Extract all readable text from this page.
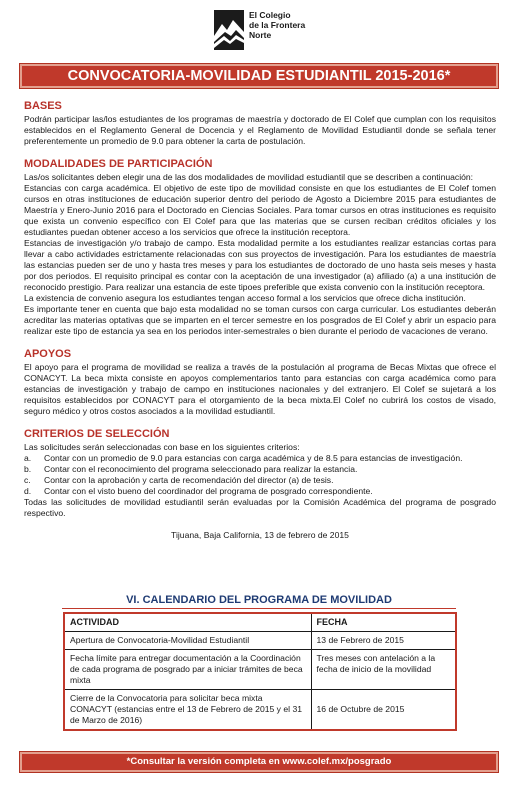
El Colegio
de la Frontera
Norte
CONVOCATORIA-MOVILIDAD ESTUDIANTIL 2015-2016*
BASES

Podrán participar las/los estudiantes de los programas de maestría y doctorado de El Colef que cumplan con los requisitos establecidos en el Reglamento General de Docencia y el Reglamento de Movilidad Estudiantil donde se señala tener preferentemente un promedio de 9.0 para obtener la carta de postulación.

MODALIDADES DE PARTICIPACIÓN

Las/os solicitantes deben elegir una de las dos modalidades de movilidad estudiantil que se describen a continuación:

Estancias con carga académica. El objetivo de este tipo de movilidad consiste en que los estudiantes de El Colef tomen cursos en otras instituciones de educación superior dentro del periodo de Agosto a Diciembre 2015 para estudiantes de Maestría y Enero-Junio 2016 para el Doctorado en Ciencias Sociales. Para tomar cursos en otras instituciones es requisito que exista un convenio específico con El Colef para que las materias que se cursen reciban créditos oficiales y los estudiantes puedan obtener acceso a los servicios que ofrece la institución receptora.

Estancias de investigación y/o trabajo de campo. Esta modalidad permite a los estudiantes realizar estancias cortas para llevar a cabo actividades estrictamente relacionadas con sus proyectos de investigación. Para los estudiantes de maestría las estancias pueden ser de uno y hasta tres meses y para los estudiantes de doctorado de uno hasta seis meses y hasta por dos periodos. El requisito principal es contar con la aceptación de una investigador (a) afiliado (a) a una institución de reconocido prestigio. Para realizar una estancia de este tipoes preferible que exista convenio con la institución receptora.

La existencia de convenio asegura los estudiantes tengan acceso formal a los servicios que ofrece dicha institución.

Es importante tener en cuenta que bajo esta modalidad no se toman cursos con carga curricular. Los estudiantes deberán acreditar las materias optativas que se imparten en el tercer semestre en los posgrados de El Colef y abrir un espacio para realizar este tipo de estancia ya sea en los periodos inter-semestrales o bien durante el periodo de vacaciones de verano.

APOYOS

El apoyo para el programa de movilidad se realiza a través de la postulación al programa de Becas Mixtas que ofrece el CONACYT. La beca mixta consiste en apoyos complementarios tanto para estancias con carga académica como para estancias de investigación y trabajo de campo en instituciones nacionales y del extranjero. El Colef se sujetará a los requisitos establecidos por CONACYT para el otorgamiento de la beca mixta.El Colef no cubrirá los costos de visado, seguro médico y otros costos asociados a la movilidad estudiantil.

CRITERIOS DE SELECCIÓN

Las solicitudes serán seleccionadas con base en los siguientes criterios:

a.	Contar con un promedio de 9.0 para estancias con carga académica y de 8.5 para estancias de investigación.
b.	Contar con el reconocimiento del programa seleccionado para realizar la estancia.
c.	Contar con la aprobación y carta de recomendación del director (a) de tesis.
d.	Contar con el visto bueno del coordinador del programa de posgrado correspondiente.

Todas las solicitudes de movilidad estudiantil serán evaluadas por la Comisión Académica del programa de posgrado respectivo.

Tijuana, Baja California, 13 de febrero de 2015

VI. CALENDARIO DEL PROGRAMA DE MOVILIDAD
ACTIVIDAD	FECHA
Apertura de Convocatoria-Movilidad Estudiantil	13 de Febrero de 2015
Fecha límite para entregar documentación a la Coordinación de cada programa de posgrado par a iniciar trámites de beca mixta	Tres meses con antelación a la fecha de inicio de la movilidad
Cierre de la Convocatoria para solicitar beca mixta CONACYT (estancias entre el 13 de Febrero de 2015 y el 31 de Marzo de 2016)	16 de Octubre de 2015
*Consultar la versión completa en www.colef.mx/posgrado
